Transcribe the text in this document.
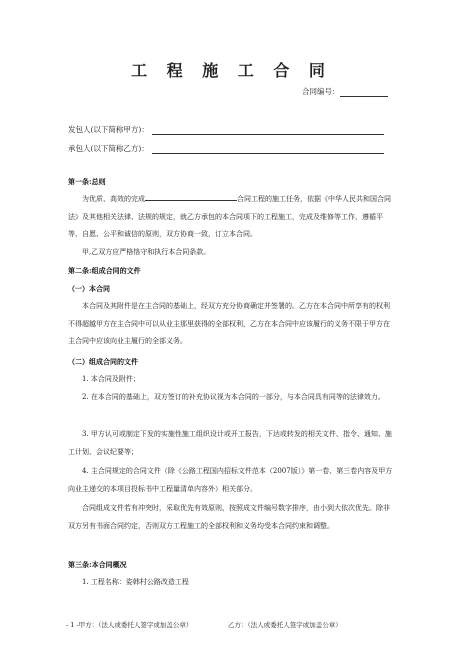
工 程 施 工 合 同
合同编号：
发包人(以下简称甲方)：
承包人(以下简称乙方)：
第一条:总则
为优质、高效的完成	合同工程的施工任务，依据《中华人民共和国合同法》及其他相关法律、法规的规定，就乙方承包的本合同项下的工程施工，完成及维修等工作，遵循平等、自愿、公平和诚信的原则，双方协商一致，订立本合同。
甲,乙双方应严格恪守和执行本合同条款。
第二条:组成合同的文件
（一）本合同
本合同及其附件是在主合同的基础上，经双方充分协商确定并签署的。乙方在本合同中所享有的权利不得超越甲方在主合同中可以从业主那里获得的全部权利，乙方在本合同中应该履行的义务不限于甲方在主合同中应该向业主履行的全部义务。
（二）组成合同的文件
1. 本合同及附件；
2. 在本合同的基础上，双方签订的补充协议视为本合同的一部分，与本合同具有同等的法律效力。
3. 甲方认可或制定下发的实施性施工组织设计或开工报告，下达或转发的相关文件、指令、通知、施工计划、会议纪要等；
4. 主合同规定的合同文件（除《公路工程国内招标文件范本（2007版）》第一卷、第三卷内容及甲方向业主递交的本项目投标书中工程量清单内容外）相关部分。
合同组成文件若有冲突时，采取优先有效原则，按照成文件编号数字排序，由小到大依次优先。除非双方另有书面合同约定，否则双方工程施工的全部权利和义务均受本合同约束和调整。
第三条:本合同概况
1. 工程名称：姿韩村公路改造工程
- 1 -甲方：（法人或委托人签字或加盖公章）	乙方：（法人或委托人签字或加盖公章）
